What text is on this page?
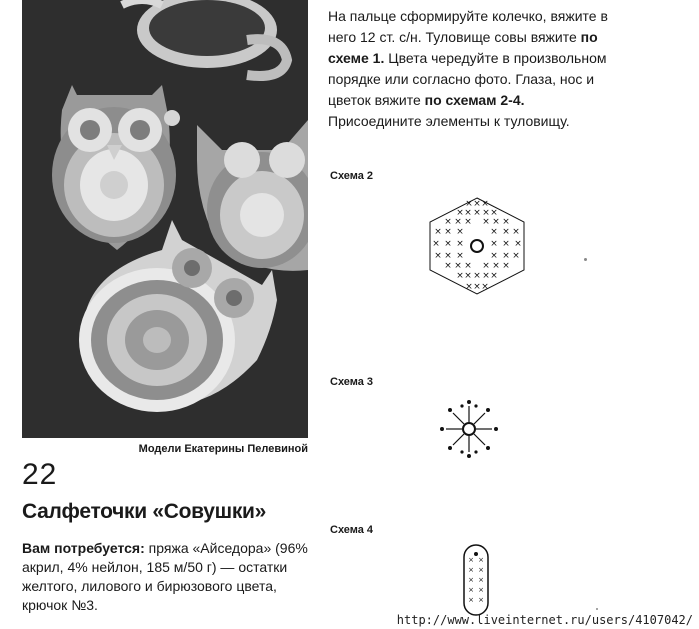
Модели Екатерины Пелевиной
22
Салфеточки «Совушки»
Вам потребуется: пряжа «Айседора» (96% акрил, 4% нейлон, 185 м/50 г) — остатки желтого, лилового и бирюзового цвета, крючок №3.
На пальце сформируйте колечко, вяжите в него 12 ст. с/н. Туловище совы вяжите по схеме 1. Цвета чередуйте в произвольном порядке или согласно фото. Глаза, нос и цветок вяжите по схемам 2-4. Присоедините элементы к туловищу.
Схема 2
× × ×
× × × × ×
× × × × × ×
× × ×	× × ×
× × ×	× × ×
× × ×	× × ×
× × × × × ×
× × × × ×
× × ×
Схема 3
Схема 4
× ×
× ×
× ×
× ×
× ×
http://www.liveinternet.ru/users/4107042/
